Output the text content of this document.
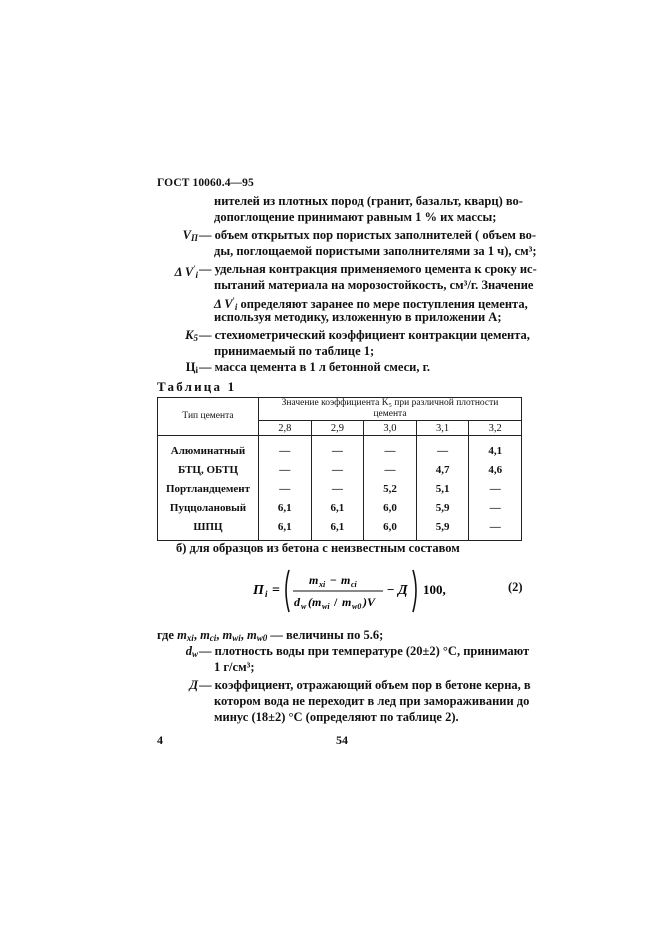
ГОСТ 10060.4—95
нителей из плотных пород (гранит, базальт, кварц) во-
допоглощение принимают равным 1 % их массы;
$V_П$ — объем открытых пор пористых заполнителей ( объем во-
ды, поглощаемой пористыми заполнителями за 1 ч), см³;
Δ $V'_i$ — удельная контракция применяемого цемента к сроку ис-
пытаний материала на морозостойкость, см³/г. Значение
Δ $V'_i$ определяют заранее по мере поступления цемента,
используя методику, изложенную в приложении А;
$K_5$ — стехиометрический коэффициент контракции цемента,
принимаемый по таблице 1;
$Ц_i$ — масса цемента в 1 л бетонной смеси, г.
Таблица 1
Тип цемента	Значение коэффициента K₅ при различной плотности цемента				
	2,8	2,9	3,0	3,1	3,2
Алюминатный	—	—	—	—	4,1
БТЦ, ОБТЦ	—	—	—	4,7	4,6
Портландцемент	—	—	5,2	5,1	—
Пуццолановый	6,1	6,1	6,0	5,9	—
ШПЦ	6,1	6,1	6,0	5,9	—
б) для образцов из бетона с неизвестным составом
П i =
m xi − m ci
d w (m wi / m w0 )V
− Д 100,	(2)
где $m_{xi}$, $m_{ci}$, $m_{wi}$, $m_{w0}$ — величины по 5.6;
$d_w$ — плотность воды при температуре (20±2) °С, принимают
1 г/см³;
Д — коэффициент, отражающий объем пор в бетоне керна, в
котором вода не переходит в лед при замораживании до
минус (18±2) °С (определяют по таблице 2).
4	54
